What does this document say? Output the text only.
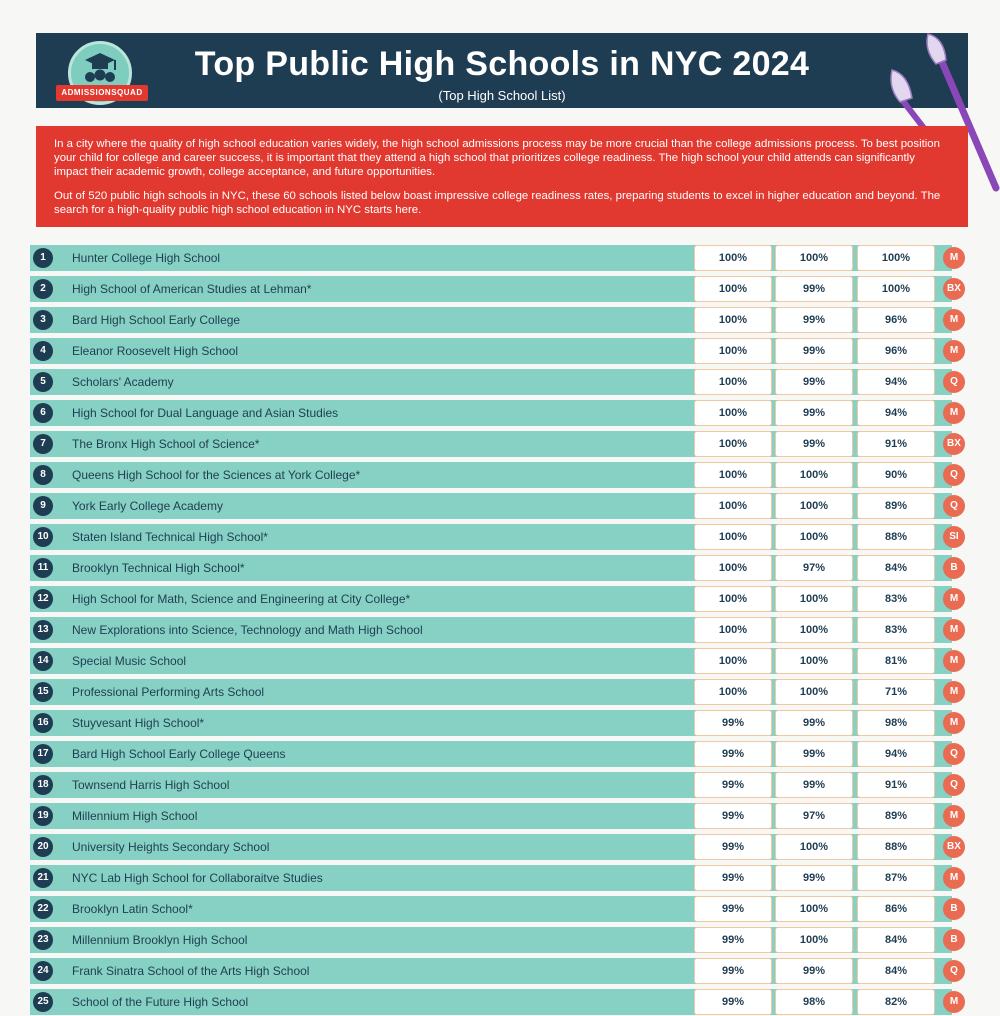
ADMISSIONSQUAD
Top Public High Schools in NYC 2024
(Top High School List)

In a city where the quality of high school education varies widely, the high school admissions process may be more crucial than the college admissions process. To best position your child for college and career success, it is important that they attend a high school that prioritizes college readiness. The high school your child attends can significantly impact their academic growth, college acceptance, and future opportunities.

Out of 520 public high schools in NYC, these 60 schools listed below boast impressive college readiness rates, preparing students to excel in higher education and beyond. The search for a high-quality public high school education in NYC starts here.

1	Hunter College High School	100%	100%	100%	M
2	High School of American Studies at Lehman*	100%	99%	100%	BX
3	Bard High School Early College	100%	99%	96%	M
4	Eleanor Roosevelt High School	100%	99%	96%	M
5	Scholars' Academy	100%	99%	94%	Q
6	High School for Dual Language and Asian Studies	100%	99%	94%	M
7	The Bronx High School of Science*	100%	99%	91%	BX
8	Queens High School for the Sciences at York College*	100%	100%	90%	Q
9	York Early College Academy	100%	100%	89%	Q
10	Staten Island Technical High School*	100%	100%	88%	SI
11	Brooklyn Technical High School*	100%	97%	84%	B
12	High School for Math, Science and Engineering at City College*	100%	100%	83%	M
13	New Explorations into Science, Technology and Math High School	100%	100%	83%	M
14	Special Music School	100%	100%	81%	M
15	Professional Performing Arts School	100%	100%	71%	M
16	Stuyvesant High School*	99%	99%	98%	M
17	Bard High School Early College Queens	99%	99%	94%	Q
18	Townsend Harris High School	99%	99%	91%	Q
19	Millennium High School	99%	97%	89%	M
20	University Heights Secondary School	99%	100%	88%	BX
21	NYC Lab High School for Collaboraitve Studies	99%	99%	87%	M
22	Brooklyn Latin School*	99%	100%	86%	B
23	Millennium Brooklyn High School	99%	100%	84%	B
24	Frank Sinatra School of the Arts High School	99%	99%	84%	Q
25	School of the Future High School	99%	98%	82%	M
